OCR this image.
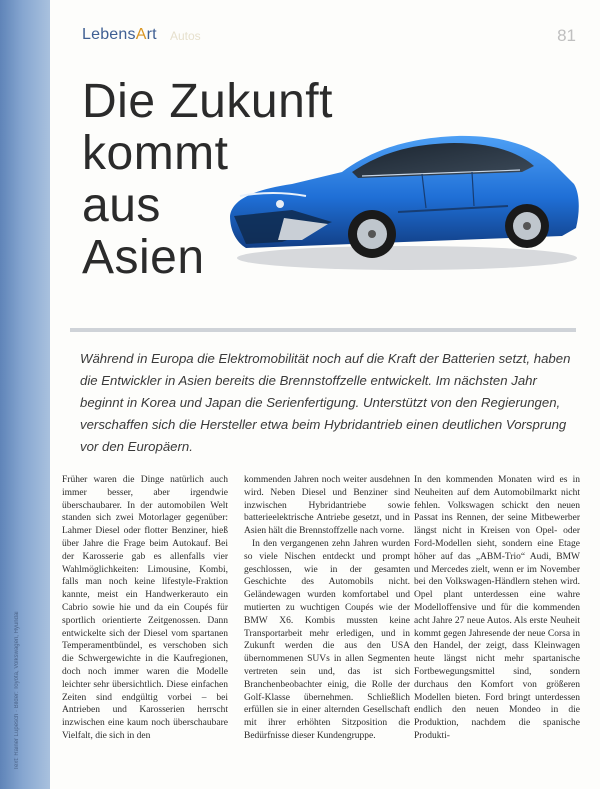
Text: Rainer Lupesch · Bilder: Toyota, Volkswagen, Hyundai
LebensArt Autos	81
Die Zukunft
kommt
aus
Asien
Während in Europa die Elektromobilität noch auf die Kraft der Batterien setzt, haben die Entwickler in Asien bereits die Brennstoffzelle entwickelt. Im nächsten Jahr beginnt in Korea und Japan die Serienfertigung. Unterstützt von den Regierungen, verschaffen sich die Hersteller etwa beim Hybridantrieb einen deutlichen Vorsprung vor den Europäern.

Früher waren die Dinge natürlich auch immer besser, aber irgendwie überschaubarer. In der automobilen Welt standen sich zwei Motorlager gegenüber: Lahmer Diesel oder flotter Benziner, hieß über Jahre die Frage beim Autokauf. Bei der Karosserie gab es allenfalls vier Wahlmöglichkeiten: Limousine, Kombi, falls man noch keine lifestyle-Fraktion kannte, meist ein Handwerkerauto ein Cabrio sowie hie und da ein Coupés für sportlich orientierte Zeitgenossen. Dann entwickelte sich der Diesel vom spartanen Temperamentbündel, es verschoben sich die Schwergewichte in die Kaufregionen, doch noch immer waren die Modelle leichter sehr übersichtlich. Diese einfachen Zeiten sind endgültig vorbei – bei Antrieben und Karosserien herrscht inzwischen eine kaum noch überschaubare Vielfalt, die sich in den

kommenden Jahren noch weiter ausdehnen wird. Neben Diesel und Benziner sind inzwischen Hybridantriebe sowie batterieelektrische Antriebe gesetzt, und in Asien hält die Brennstoffzelle nach vorne.

In den vergangenen zehn Jahren wurden so viele Nischen entdeckt und prompt geschlossen, wie in der gesamten Geschichte des Automobils nicht. Geländewagen wurden komfortabel und mutierten zu wuchtigen Coupés wie der BMW X6. Kombis mussten keine Transportarbeit mehr erledigen, und in Zukunft werden die aus den USA übernommenen SUVs in allen Segmenten vertreten sein und, das ist sich Branchenbeobachter einig, die Rolle der Golf-Klasse übernehmen. Schließlich erfüllen sie in einer alternden Gesellschaft mit ihrer erhöhten Sitzposition die Bedürfnisse dieser Kundengruppe.

In den kommenden Monaten wird es in Neuheiten auf dem Automobilmarkt nicht fehlen. Volkswagen schickt den neuen Passat ins Rennen, der seine Mitbewerber längst nicht in Kreisen von Opel- oder Ford-Modellen sieht, sondern eine Etage höher auf das „ABM-Trio“ Audi, BMW und Mercedes zielt, wenn er im November bei den Volkswagen-Händlern stehen wird. Opel plant unterdessen eine wahre Modelloffensive und für die kommenden acht Jahre 27 neue Autos. Als erste Neuheit kommt gegen Jahresende der neue Corsa in den Handel, der zeigt, dass Kleinwagen heute längst nicht mehr spartanische Fortbewegungsmittel sind, sondern durchaus den Komfort von größeren Modellen bieten. Ford bringt unterdessen endlich den neuen Mondeo in die Produktion, nachdem die spanische Produkti-
